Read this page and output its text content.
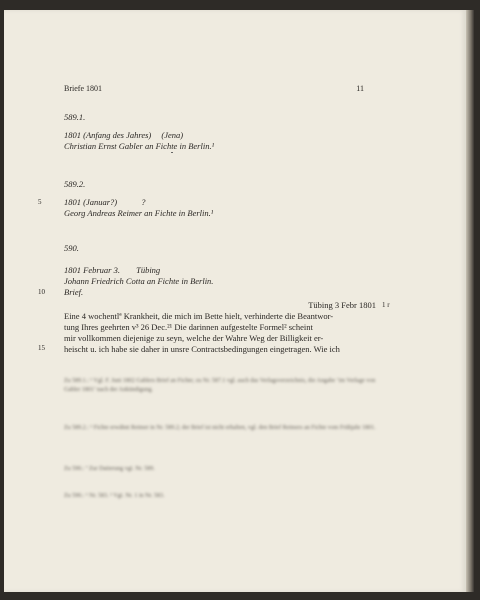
Briefe 1801	11
589.1.
1801 (Anfang des Jahres) (Jena)
Christian Ernst Gabler an Fichte in Berlin.¹
589.2.
5	1801 (Januar?)	?
Georg Andreas Reimer an Fichte in Berlin.¹
590.
1801 Februar 3. Tübing
Johann Friedrich Cotta an Fichte in Berlin.
10 Brief.
Tübing 3 Febr 1801
Eine 4 wochentlª Krankheit, die mich im Bette hielt, verhinderte die Beantwor-
tung Ihres geehrten v³ 26 Dec.²¹ Die darinnen aufgestelte Formel² scheint
mir vollkommen diejenige zu seyn, welche der Wahre Weg der Billigkeit er-
heischt u. ich habe sie daher in unsre Contractsbedingungen eingetragen. Wie ich
1 r
15
Zu 589.1.: ¹ Vgl. F. Juni 1802 Gablers Brief an Fichte; zu Nr. 587.1 vgl. auch das Verlagsverzeichnis, die Angabe ‘im Verlage von Gabler 1801’ nach der Ankündigung.
Zu 589.2.: ¹ Fichte erwähnt Reimer in Nr. 589.2; der Brief ist nicht erhalten, vgl. den Brief Reimers an Fichte vom Frühjahr 1801.
Zu 590.: ª Zur Datierung vgl. Nr. 589.
Zu 590.: ¹ Nr. 583. ² Vgl. Nr. 1 in Nr. 583.
